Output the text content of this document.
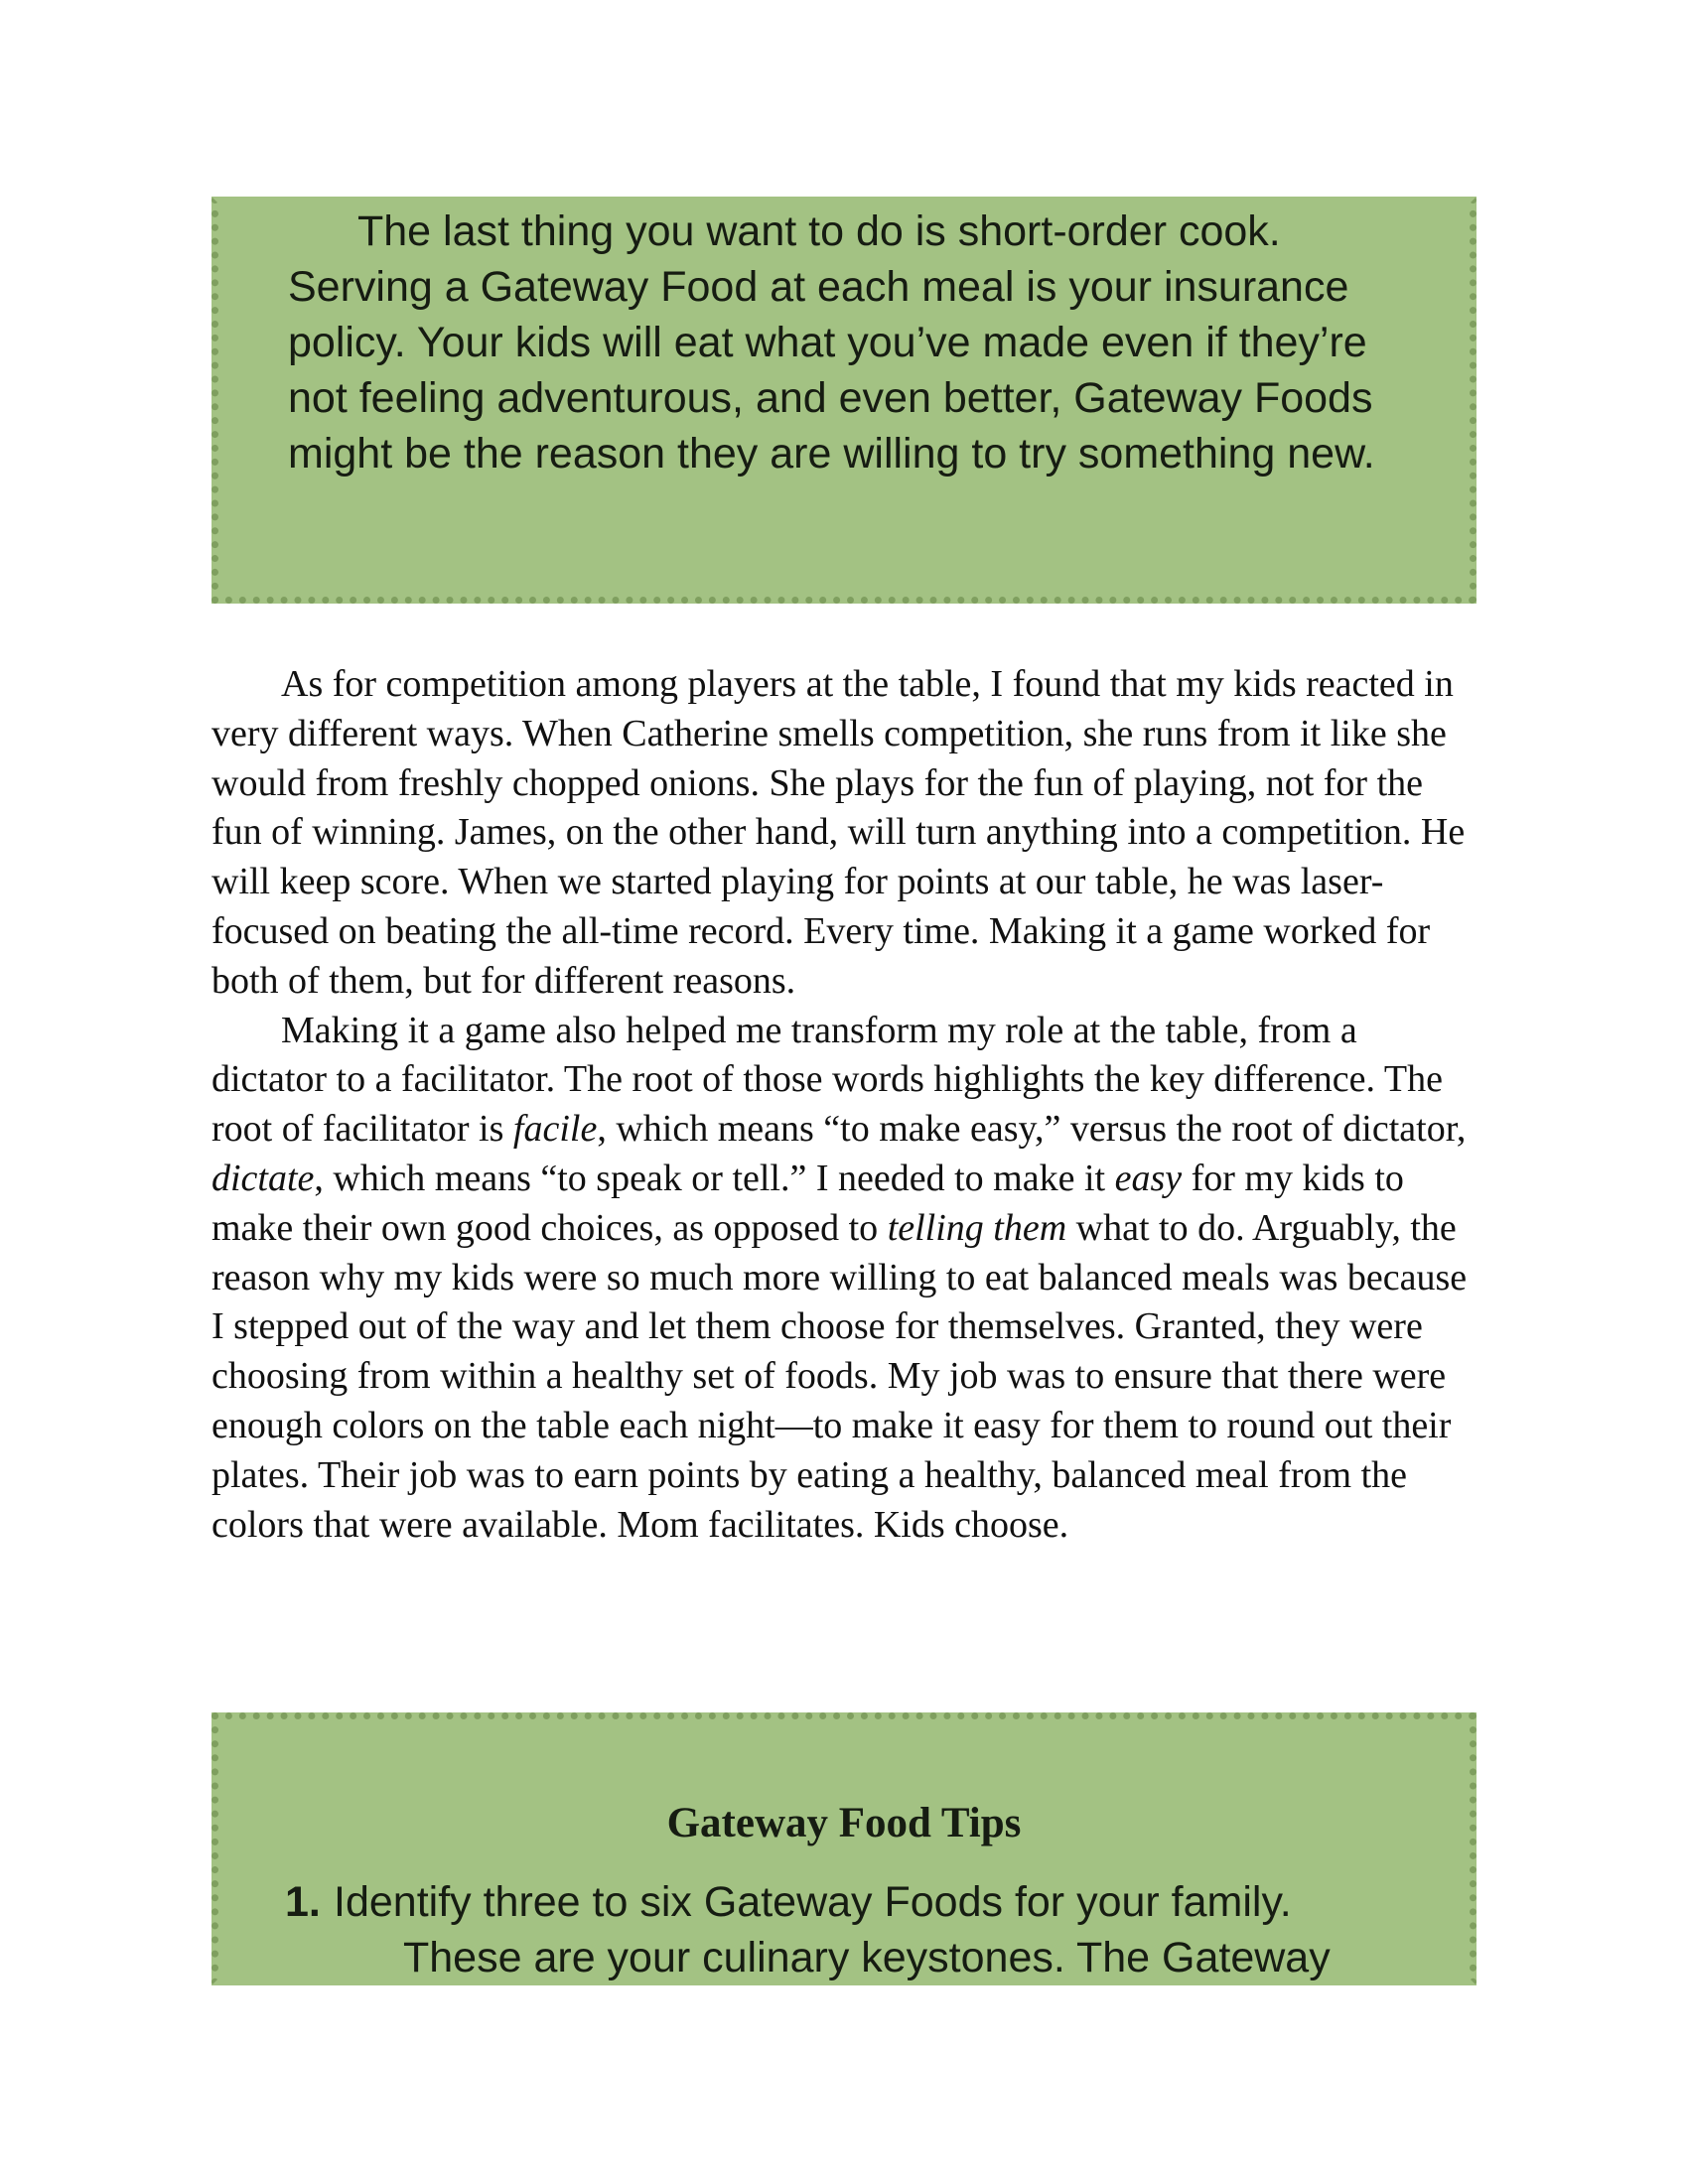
The last thing you want to do is short-order cook. Serving a Gateway Food at each meal is your insurance policy. Your kids will eat what you’ve made even if they’re not feeling adventurous, and even better, Gateway Foods might be the reason they are willing to try something new.

As for competition among players at the table, I found that my kids reacted in very different ways. When Catherine smells competition, she runs from it like she would from freshly chopped onions. She plays for the fun of playing, not for the fun of winning. James, on the other hand, will turn anything into a competition. He will keep score. When we started playing for points at our table, he was laser-focused on beating the all-time record. Every time. Making it a game worked for both of them, but for different reasons.

Making it a game also helped me transform my role at the table, from a dictator to a facilitator. The root of those words highlights the key difference. The root of facilitator is facile, which means “to make easy,” versus the root of dictator, dictate, which means “to speak or tell.” I needed to make it easy for my kids to make their own good choices, as opposed to telling them what to do. Arguably, the reason why my kids were so much more willing to eat balanced meals was because I stepped out of the way and let them choose for themselves. Granted, they were choosing from within a healthy set of foods. My job was to ensure that there were enough colors on the table each night—to make it easy for them to round out their plates. Their job was to earn points by eating a healthy, balanced meal from the colors that were available. Mom facilitates. Kids choose.

Gateway Food Tips
1. Identify three to six Gateway Foods for your family. These are your culinary keystones. The Gateway
